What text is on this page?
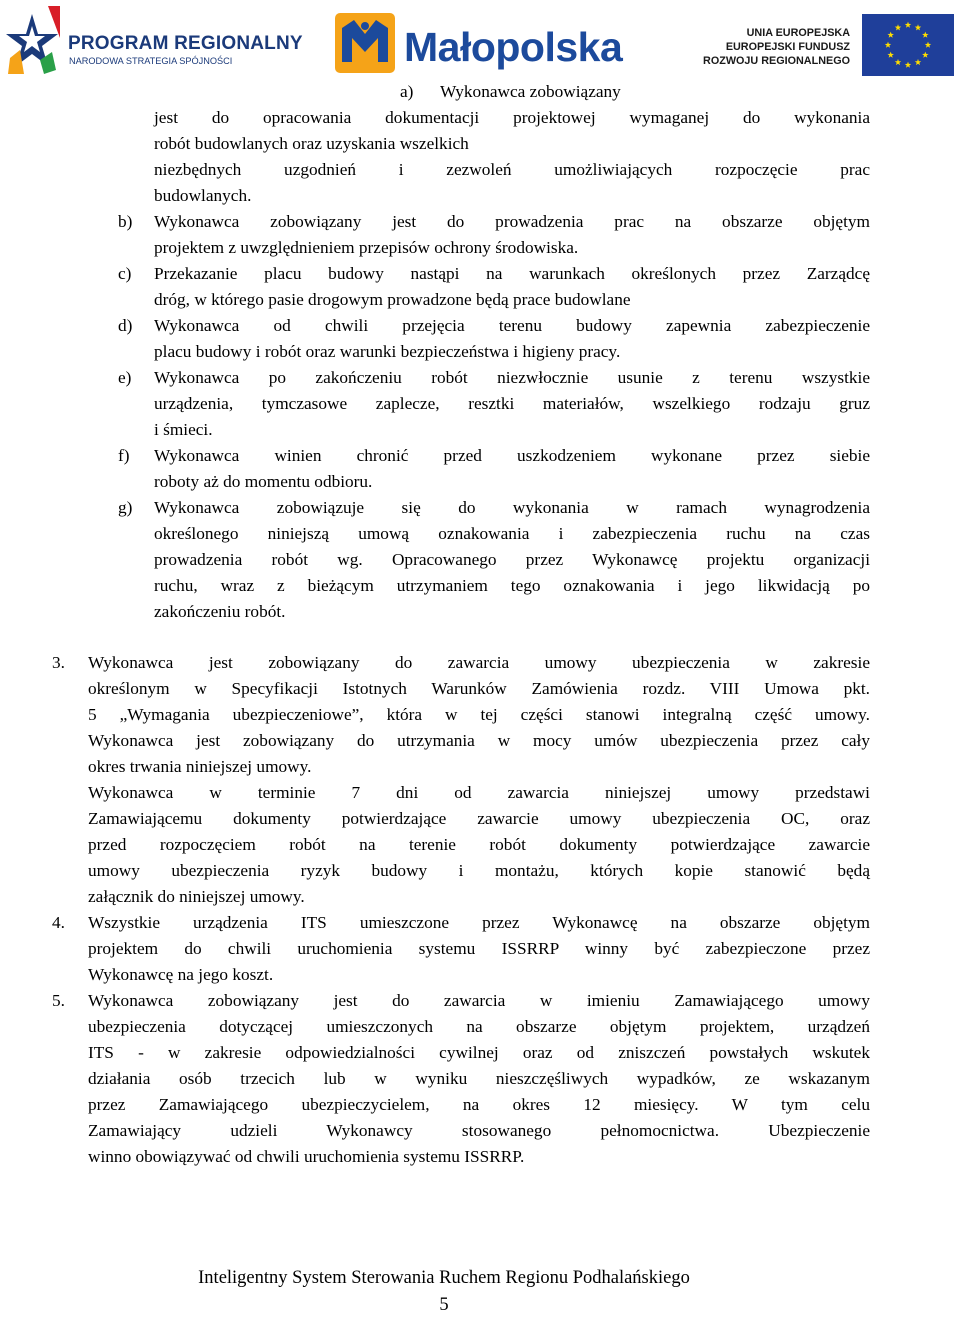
PROGRAM REGIONALNY
NARODOWA STRATEGIA SPÓJNOŚCI	Małopolska	UNIA EUROPEJSKA
EUROPEJSKI FUNDUSZ
ROZWOJU REGIONALNEGO
a) Wykonawca zobowiązany
jest do opracowania dokumentacji projektowej wymaganej do wykonania
robót budowlanych oraz uzyskania wszelkich
niezbędnych uzgodnień i zezwoleń umożliwiających rozpoczęcie prac
budowlanych.
b) Wykonawca zobowiązany jest do prowadzenia prac na obszarze objętym
projektem z uwzględnieniem przepisów ochrony środowiska.
c) Przekazanie placu budowy nastąpi na warunkach określonych przez Zarządcę
dróg, w którego pasie drogowym prowadzone będą prace budowlane
d) Wykonawca od chwili przejęcia terenu budowy zapewnia zabezpieczenie
placu budowy i robót oraz warunki bezpieczeństwa i higieny pracy.
e) Wykonawca po zakończeniu robót niezwłocznie usunie z terenu wszystkie
urządzenia, tymczasowe zaplecze, resztki materiałów, wszelkiego rodzaju gruz
i śmieci.
f) Wykonawca winien chronić przed uszkodzeniem wykonane przez siebie
roboty aż do momentu odbioru.
g) Wykonawca zobowiązuje się do wykonania w ramach wynagrodzenia
określonego niniejszą umową oznakowania i zabezpieczenia ruchu na czas
prowadzenia robót wg. Opracowanego przez Wykonawcę projektu organizacji
ruchu, wraz z bieżącym utrzymaniem tego oznakowania i jego likwidacją po
zakończeniu robót.
3. Wykonawca jest zobowiązany do zawarcia umowy ubezpieczenia w zakresie
określonym w Specyfikacji Istotnych Warunków Zamówienia rozdz. VIII Umowa pkt.
5 „Wymagania ubezpieczeniowe”, która w tej części stanowi integralną część umowy.
Wykonawca jest zobowiązany do utrzymania w mocy umów ubezpieczenia przez cały
okres trwania niniejszej umowy.
Wykonawca w terminie 7 dni od zawarcia niniejszej umowy przedstawi
Zamawiającemu dokumenty potwierdzające zawarcie umowy ubezpieczenia OC, oraz
przed rozpoczęciem robót na terenie robót dokumenty potwierdzające zawarcie
umowy ubezpieczenia ryzyk budowy i montażu, których kopie stanowić będą
załącznik do niniejszej umowy.
4. Wszystkie urządzenia ITS umieszczone przez Wykonawcę na obszarze objętym
projektem do chwili uruchomienia systemu ISSRRP winny być zabezpieczone przez
Wykonawcę na jego koszt.
5. Wykonawca zobowiązany jest do zawarcia w imieniu Zamawiającego umowy
ubezpieczenia dotyczącej umieszczonych na obszarze objętym projektem, urządzeń
ITS - w zakresie odpowiedzialności cywilnej oraz od zniszczeń powstałych wskutek
działania osób trzecich lub w wyniku nieszczęśliwych wypadków, ze wskazanym
przez Zamawiającego ubezpieczycielem, na okres 12 miesięcy. W tym celu
Zamawiający udzieli Wykonawcy stosowanego pełnomocnictwa. Ubezpieczenie
winno obowiązywać od chwili uruchomienia systemu ISSRRP.
Inteligentny System Sterowania Ruchem Regionu Podhalańskiego
5
